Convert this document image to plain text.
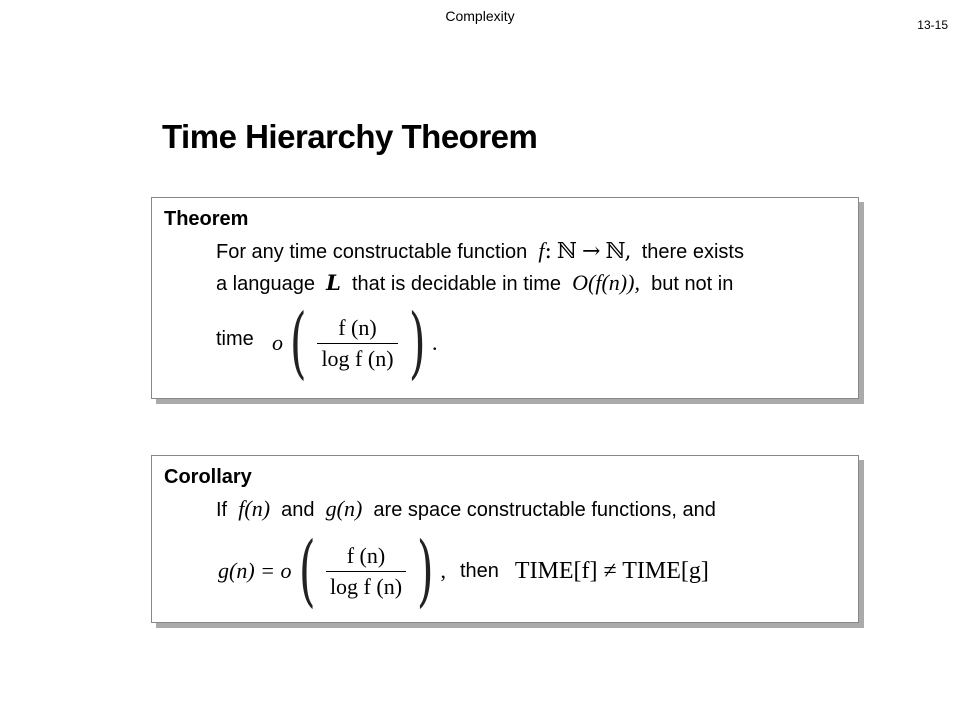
Complexity
13-15
Time Hierarchy Theorem
Theorem
For any time constructable function f: ℕ → ℕ, there exists
a language L that is decidable in time O(f(n)), but not in
time o ( $\frac{f (n)}{\text{log f (n)}}$ ) .
Corollary
If f(n) and g(n) are space constructable functions, and
g(n) = o ( $\frac{f (n)}{\text{log f (n)}}$ ) , then TIME[f] ≠ TIME[g]
